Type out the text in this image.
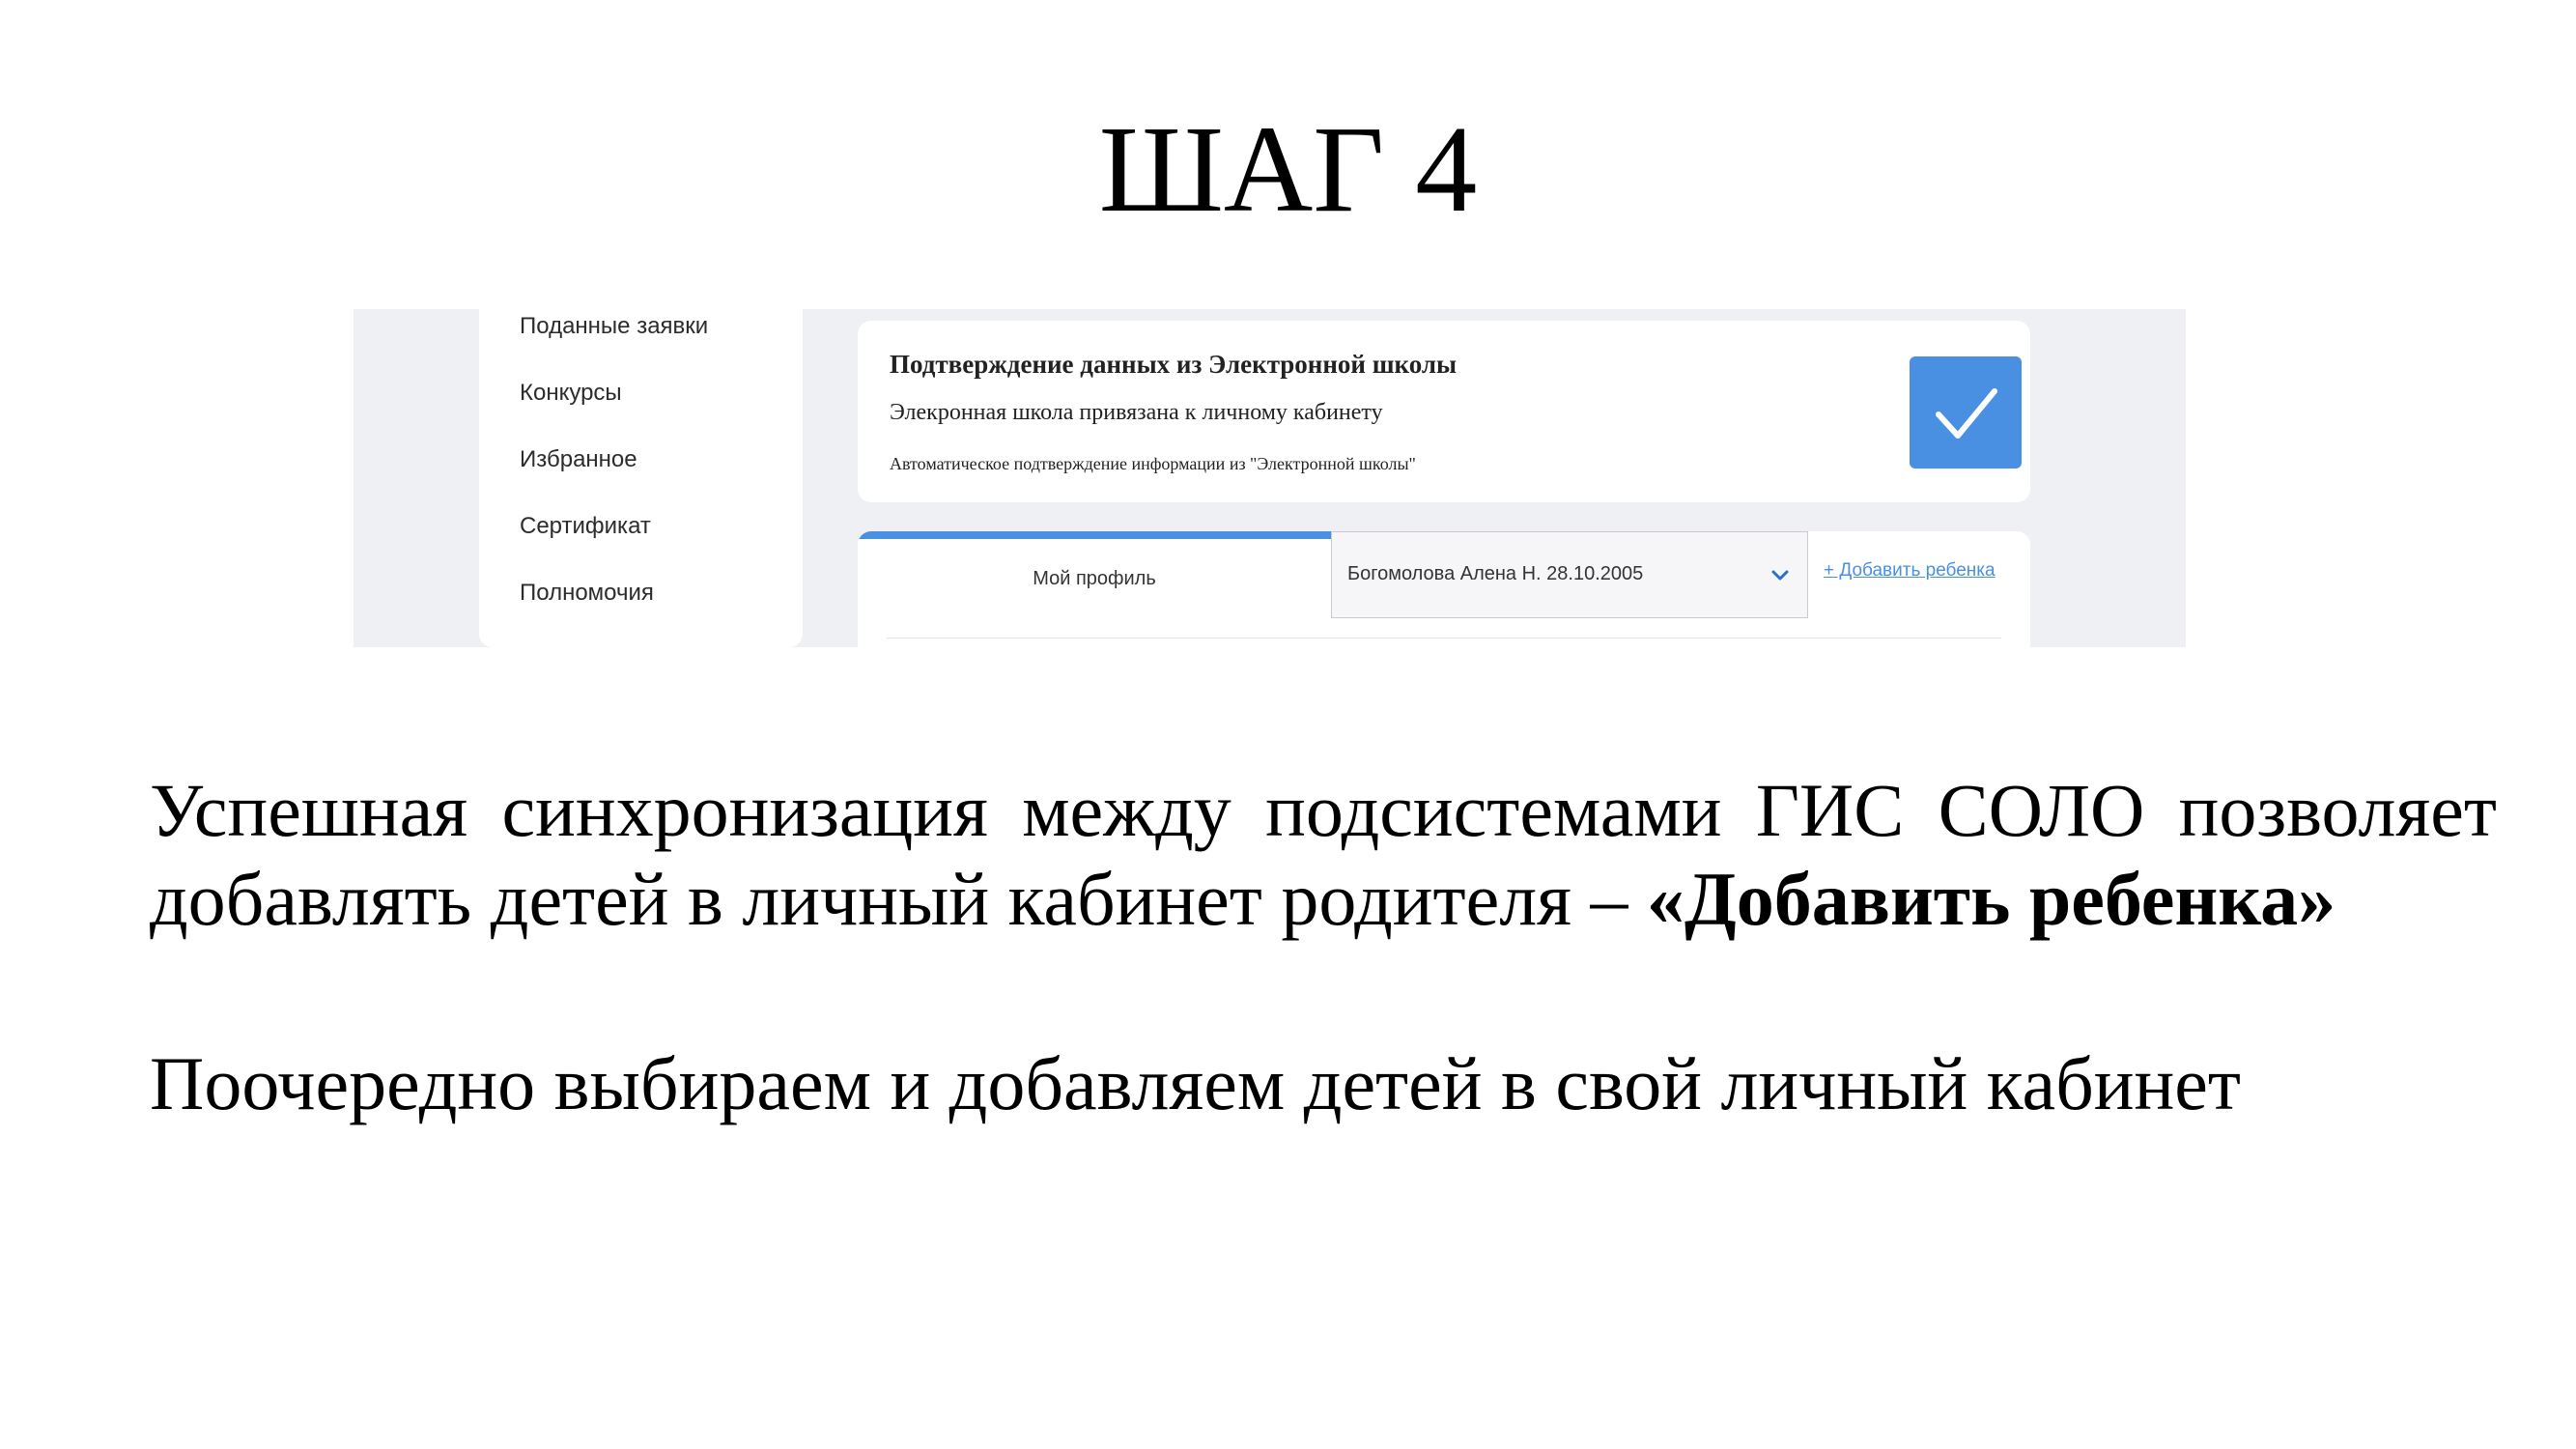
ШАГ 4
Поданные заявки
Конкурсы
Избранное
Сертификат
Полномочия
Подтверждение данных из Электронной школы
Элекронная школа привязана к личному кабинету
Автоматическое подтверждение информации из "Электронной школы"
Мой профиль	Богомолова Алена Н. 28.10.2005	+ Добавить ребенка

Успешная синхронизация между подсистемами ГИС СОЛО позволяет добавлять детей в личный кабинет родителя – «Добавить ребенка»

Поочередно выбираем и добавляем детей в свой личный кабинет
